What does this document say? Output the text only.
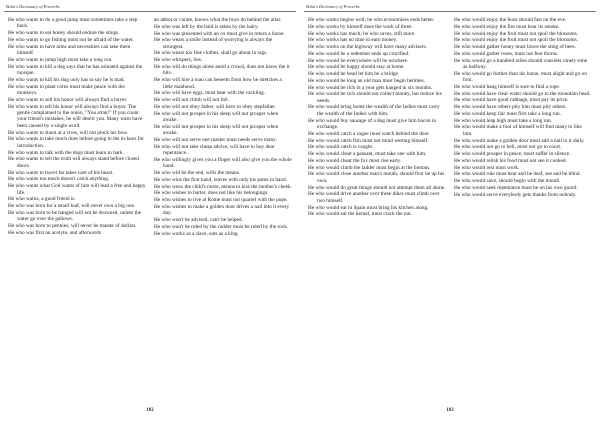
Bohn's Dictionary of Proverbs

He who wants to do a good jump must sometimes take a step back.

He who wants to eat honey should endure the stings.

He who wants to go fishing must not be afraid of the water.

He who wants to have arms and necessities can take them himself.

He who wants to jump high must take a long run.

He who wants to kill a dog says that he has urinated against the mosque.

He who wants to kill his dog only has to say he is mad.

He who wants to plant corns must make peace with the monkeys.

He who wants to sell his honor will always find a buyer.

He who wants to tell his honor will always find a buyer. The gentle complained to the onion, "You stink!" If you count your friend's mistakes, he will desert you. Many warn have been caused by a single word.

He who wants to shoot at a crow, will not pluck his bow.

He who wants to take much does before going to the in-laws for introduction.

He who wants to talk with the dogs must learn to bark.

He who wants to tell the truth will always stand before closed doors.

He who wants to travel far takes care of his beast.

He who wants too much doesn't catch anything.

He who wants what God wants of him will lead a free and happy life.

He who warns, a good friend is.

He who was born for a small loaf, will never own a big one.

He who was born to be hanged will not be drowned, unless the water go over the gallows.

He who was born to pennies, will never be master of dollars.

He who was first an acolyte, and afterwards

an abbot or curate, knows what the boys do behind the altar.

He who was left by the bald is taken by the hairy.

He who was presented with an ox must give in return a horse.

He who wears a smile instead of worrying is always the strongest.

He who wears too fine clothes, shall go about in rags.

He who whispers, lies.

He who will do things alone amid a crowd, does not know the it hits.

He who will hire a man can beseem from how he stretches a little manhood.

He who will have eggs, must bear with the cackling.

He who will not climb will not fall.

He who will not obey father, will have to obey stepfather.

He who will not prosper in his sleep will not prosper when awake.

He who will not prosper in his sleep will not prosper when awake.

He who will not serve one master must needs serve many.

He who will not take cheap advice, will have to buy dear repentance.

He who willingly gives you a finger will also give you the whole hand.

He who will be the end, wills the means.

He who wins the first hand, leaves with only his pants in hand.

He who woos the child's nurse, means to kiss the mother's cheek.

He who wishes to barter, does not like his belongings.

He who wishes to live at Rome must not quarrel with the pope.

He who wishes to make a golden door drives a nail into it every day.

He who won't be advised, can't be helped.

He who won't be ruled by the rudder must be ruled by the rock.

He who works as a slave, eats as a king.

182
Bohn's Dictionary of Proverbs

He who works begins well; he who economises ends better.

He who works by himself does the work of three.

He who works has much; he who saves, still more.

He who works has no time to earn money.

He who works on the highway will have many advisers.

He who would be a redeemer ends up crucified.

He who would be everywhere will be nowhere.

He who would be happy should stay at home.

He who would be head let him be a bridge.

He who would be long an old man must begin betimes.

He who would be rich in a year gets hanged in six months.

He who would be rich should not collect money, but reduce his needs.

He who would bring home the wealth of the Indies must carry the wealth of the Indies with him.

He who would buy sausage of a dog must give him bacon in exchange.

He who would catch a rogue must watch behind the door.

He who would catch fish must not mind wetting himself.

He who would catch is caught.

He who would cheat a peasant, must take one with him.

He who would cheat the fox must rise early.

He who would climb the ladder must begin at the bottom.

He who would close another man's mouth, should first tie up his own.

He who would do great things should not attempt them all alone.

He who would drive another over three dikes must climb over two himself.

He who would eat in Spain must bring his kitchen along.

He who would eat the kernel, must crack the nut.

He who would enjoy the feast should fast on the eve.

He who would enjoy the fire must bear its smoke.

He who would enjoy the fruit must not spoil the blossoms.

He who would enjoy the fruit must not spoil the blossoms.

He who would gather honey must brave the sting of bees.

He who would gather roses, must not fear thorns.

He who would go a hundred miles should consider ninety-nine as halfway.

He who would go further than his horse, must alight and go on foot.

He who would hang himself is sure to find a rope.

He who would have clear water should go to the mountain head.

He who would have good cabbage, must pay its price.

He who would have others pity him must pity others.

He who would keep fair must first take a long run.

He who would leap high must take a long run.

He who would make a fool of himself will find many to like him.

He who would make a golden door must add a nail to it daily.

He who would not go to hell, must not go to court.

He who would prosper in peace, must suffer in silence.

He who would relish his food must not see it cooked.

He who would rest must work.

He who would rule must hear and be deaf, see and be blind.

He who would save, should begin with the mouth.

He who would seek repentance must be on his own guard.

He who would serve everybody gets thanks from nobody.

183
